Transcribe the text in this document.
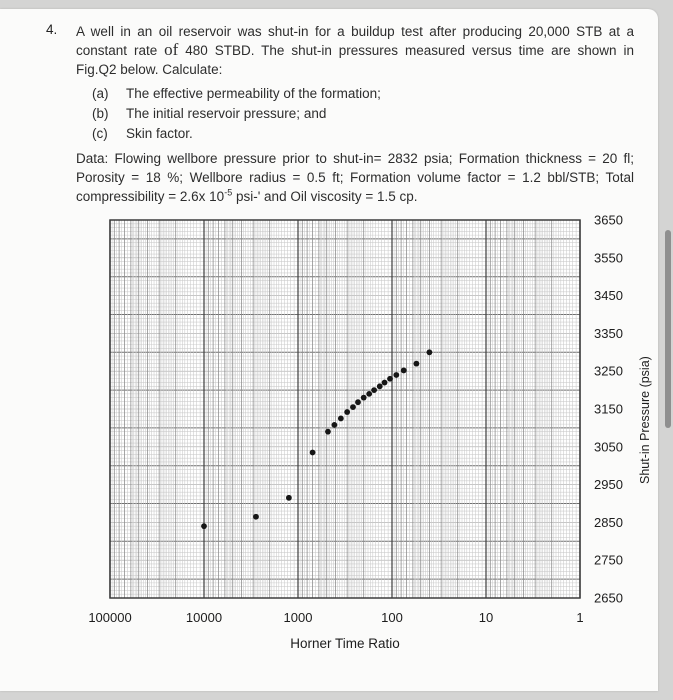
4.	A well in an oil reservoir was shut-in for a buildup test after producing 20,000 STB at a constant rate of 480 STBD. The shut-in pressures measured versus time are shown in Fig.Q2 below. Calculate:

(a)	The effective permeability of the formation;
(b)	The initial reservoir pressure; and
(c)	Skin factor.

Data: Flowing wellbore pressure prior to shut-in= 2832 psia; Formation thickness = 20 fl; Porosity = 18 %; Wellbore radius = 0.5 ft; Formation volume factor = 1.2 bbl/STB; Total compressibility = 2.6x $10^{-5}$ psi-' and Oil viscosity = 1.5 cp.

3650
3550
3450
3350
3250
3150
3050
2950
2850
2750
2650
100000	10000	1000	100	10	1
Horner Time Ratio
Shut-in Pressure (psia)
